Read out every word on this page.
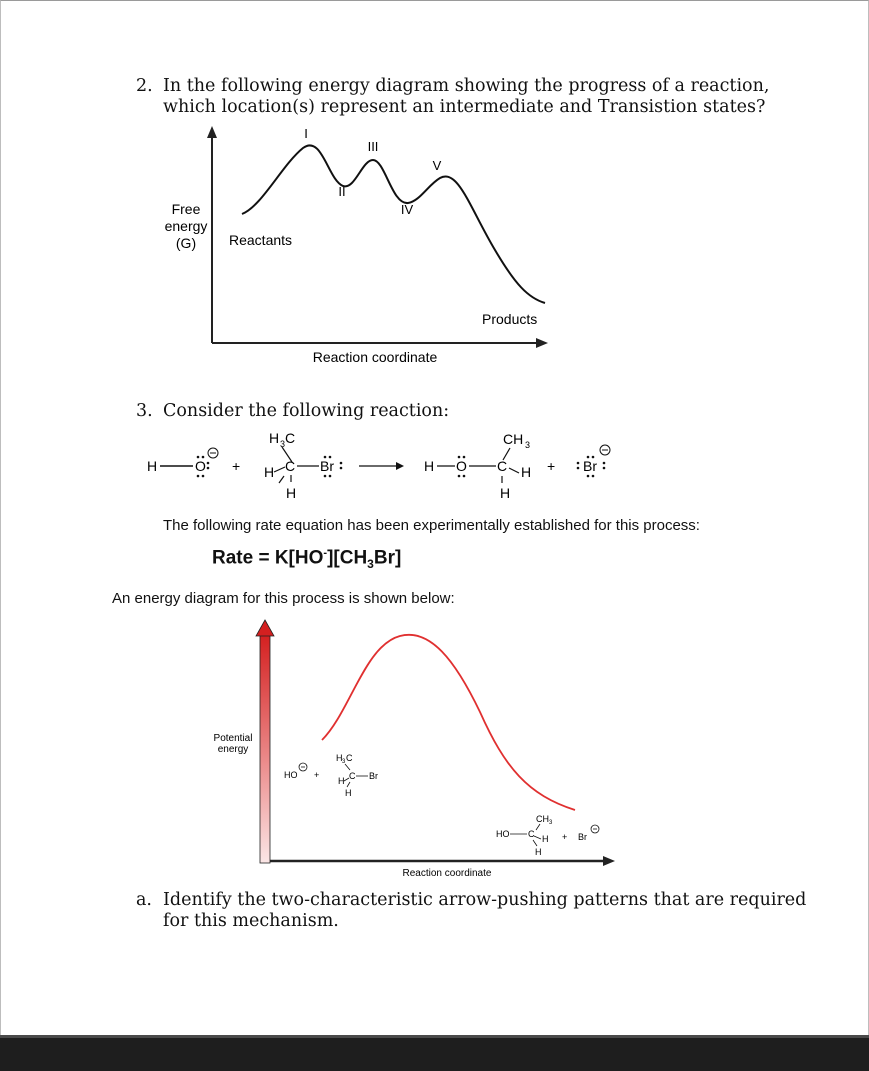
2. In the following energy diagram showing the progress of a reaction,
which location(s) represent an intermediate and Transistion states?
Free
energy
(G) Reactants
Products
Reaction coordinate
I
II
III
IV
V
3. Consider the following reaction:
H	O +
H 3 C
H C Br
H
H O
CH 3
C H
H
+ Br
The following rate equation has been experimentally established for this process:
Rate = $K[HO^-][CH_3Br]$
An energy diagram for this process is shown below:
Potential
energy
Reaction coordinate
HO +
H 3 C
H C Br
H
CH 3
HO C H
H
+ Br
a. Identify the two-characteristic arrow-pushing patterns that are required
for this mechanism.
